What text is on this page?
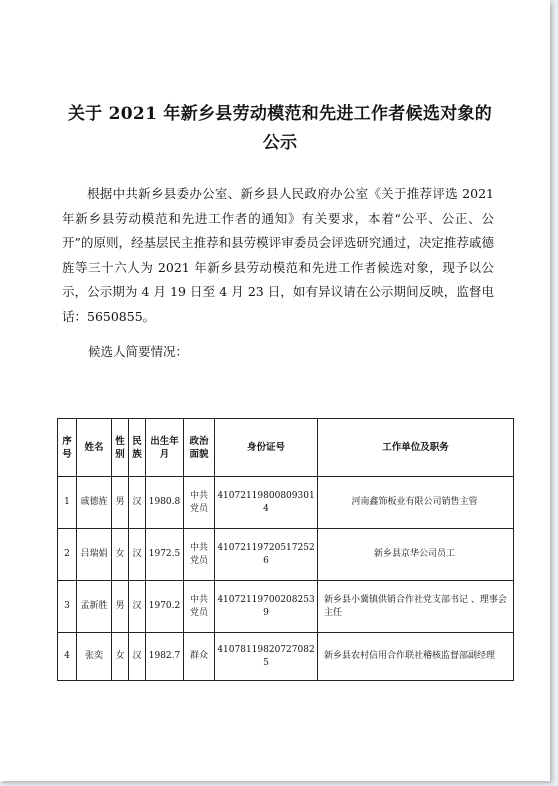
关于 2021 年新乡县劳动模范和先进工作者候选对象的
公示

根据中共新乡县委办公室、新乡县人民政府办公室《关于推荐评选 2021 年新乡县劳动模范和先进工作者的通知》有关要求，本着“公平、公正、公开”的原则，经基层民主推荐和县劳模评审委员会评选研究通过，决定推荐戚德旌等三十六人为 2021 年新乡县劳动模范和先进工作者候选对象，现予以公示，公示期为 4 月 19 日至 4 月 23 日，如有异议请在公示期间反映，监督电话：5650855。

候选人简要情况：
序号	姓名	性别	民族	出生年月	政治面貌	身份证号	工作单位及职务
1	戚德旌	男	汉	1980.8	中共党员	410721198008093014	河南鑫饰板业有限公司销售主管
2	吕瑞娟	女	汉	1972.5	中共党员	410721197205172526	新乡县京华公司员工
3	孟新胜	男	汉	1970.2	中共党员	410721197002082539	新乡县小冀镇供销合作社党支部书记 、理事会主任
4	张奕	女	汉	1982.7	群众	410781198207270825	新乡县农村信用合作联社稽核监督部副经理
